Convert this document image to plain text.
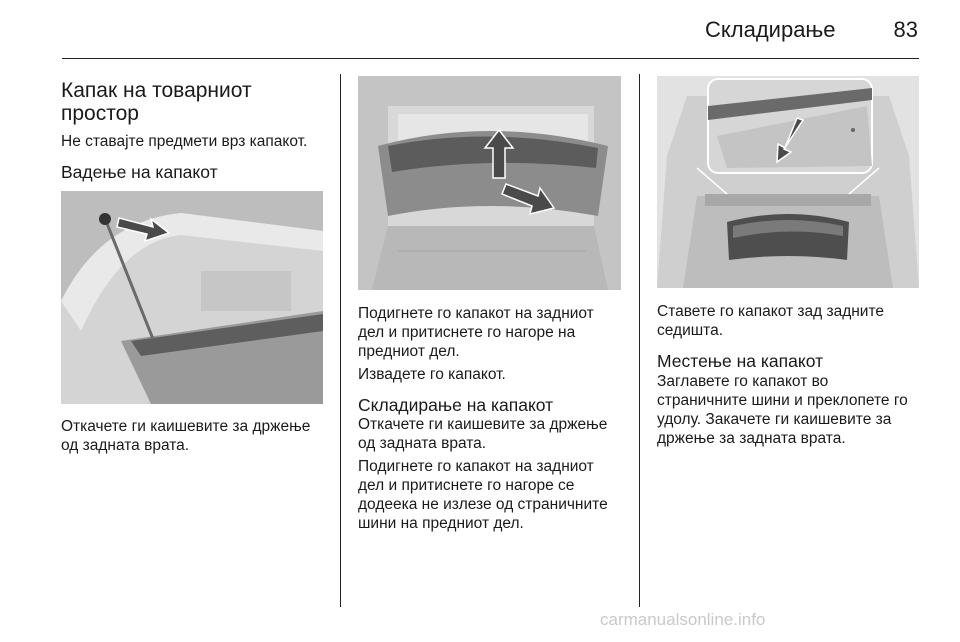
Складирање	83
Капак на товарниот
простор
Не ставајте предмети врз капакот.
Вадење на капакот
Откачете ги каишевите за држење
од задната врата.
Подигнете го капакот на задниот
дел и притиснете го нагоре на
предниот дел.
Извадете го капакот.
Складирање на капакот
Откачете ги каишевите за држење
од задната врата.
Подигнете го капакот на задниот
дел и притиснете го нагоре се
додеека не излезе од страничните
шини на предниот дел.
Ставете го капакот зад задните
седишта.
Местење на капакот
Заглавете го капакот во
страничните шини и преклопете го
удолу. Закачете ги каишевите за
држење за задната врата.
carmanualsonline.info
